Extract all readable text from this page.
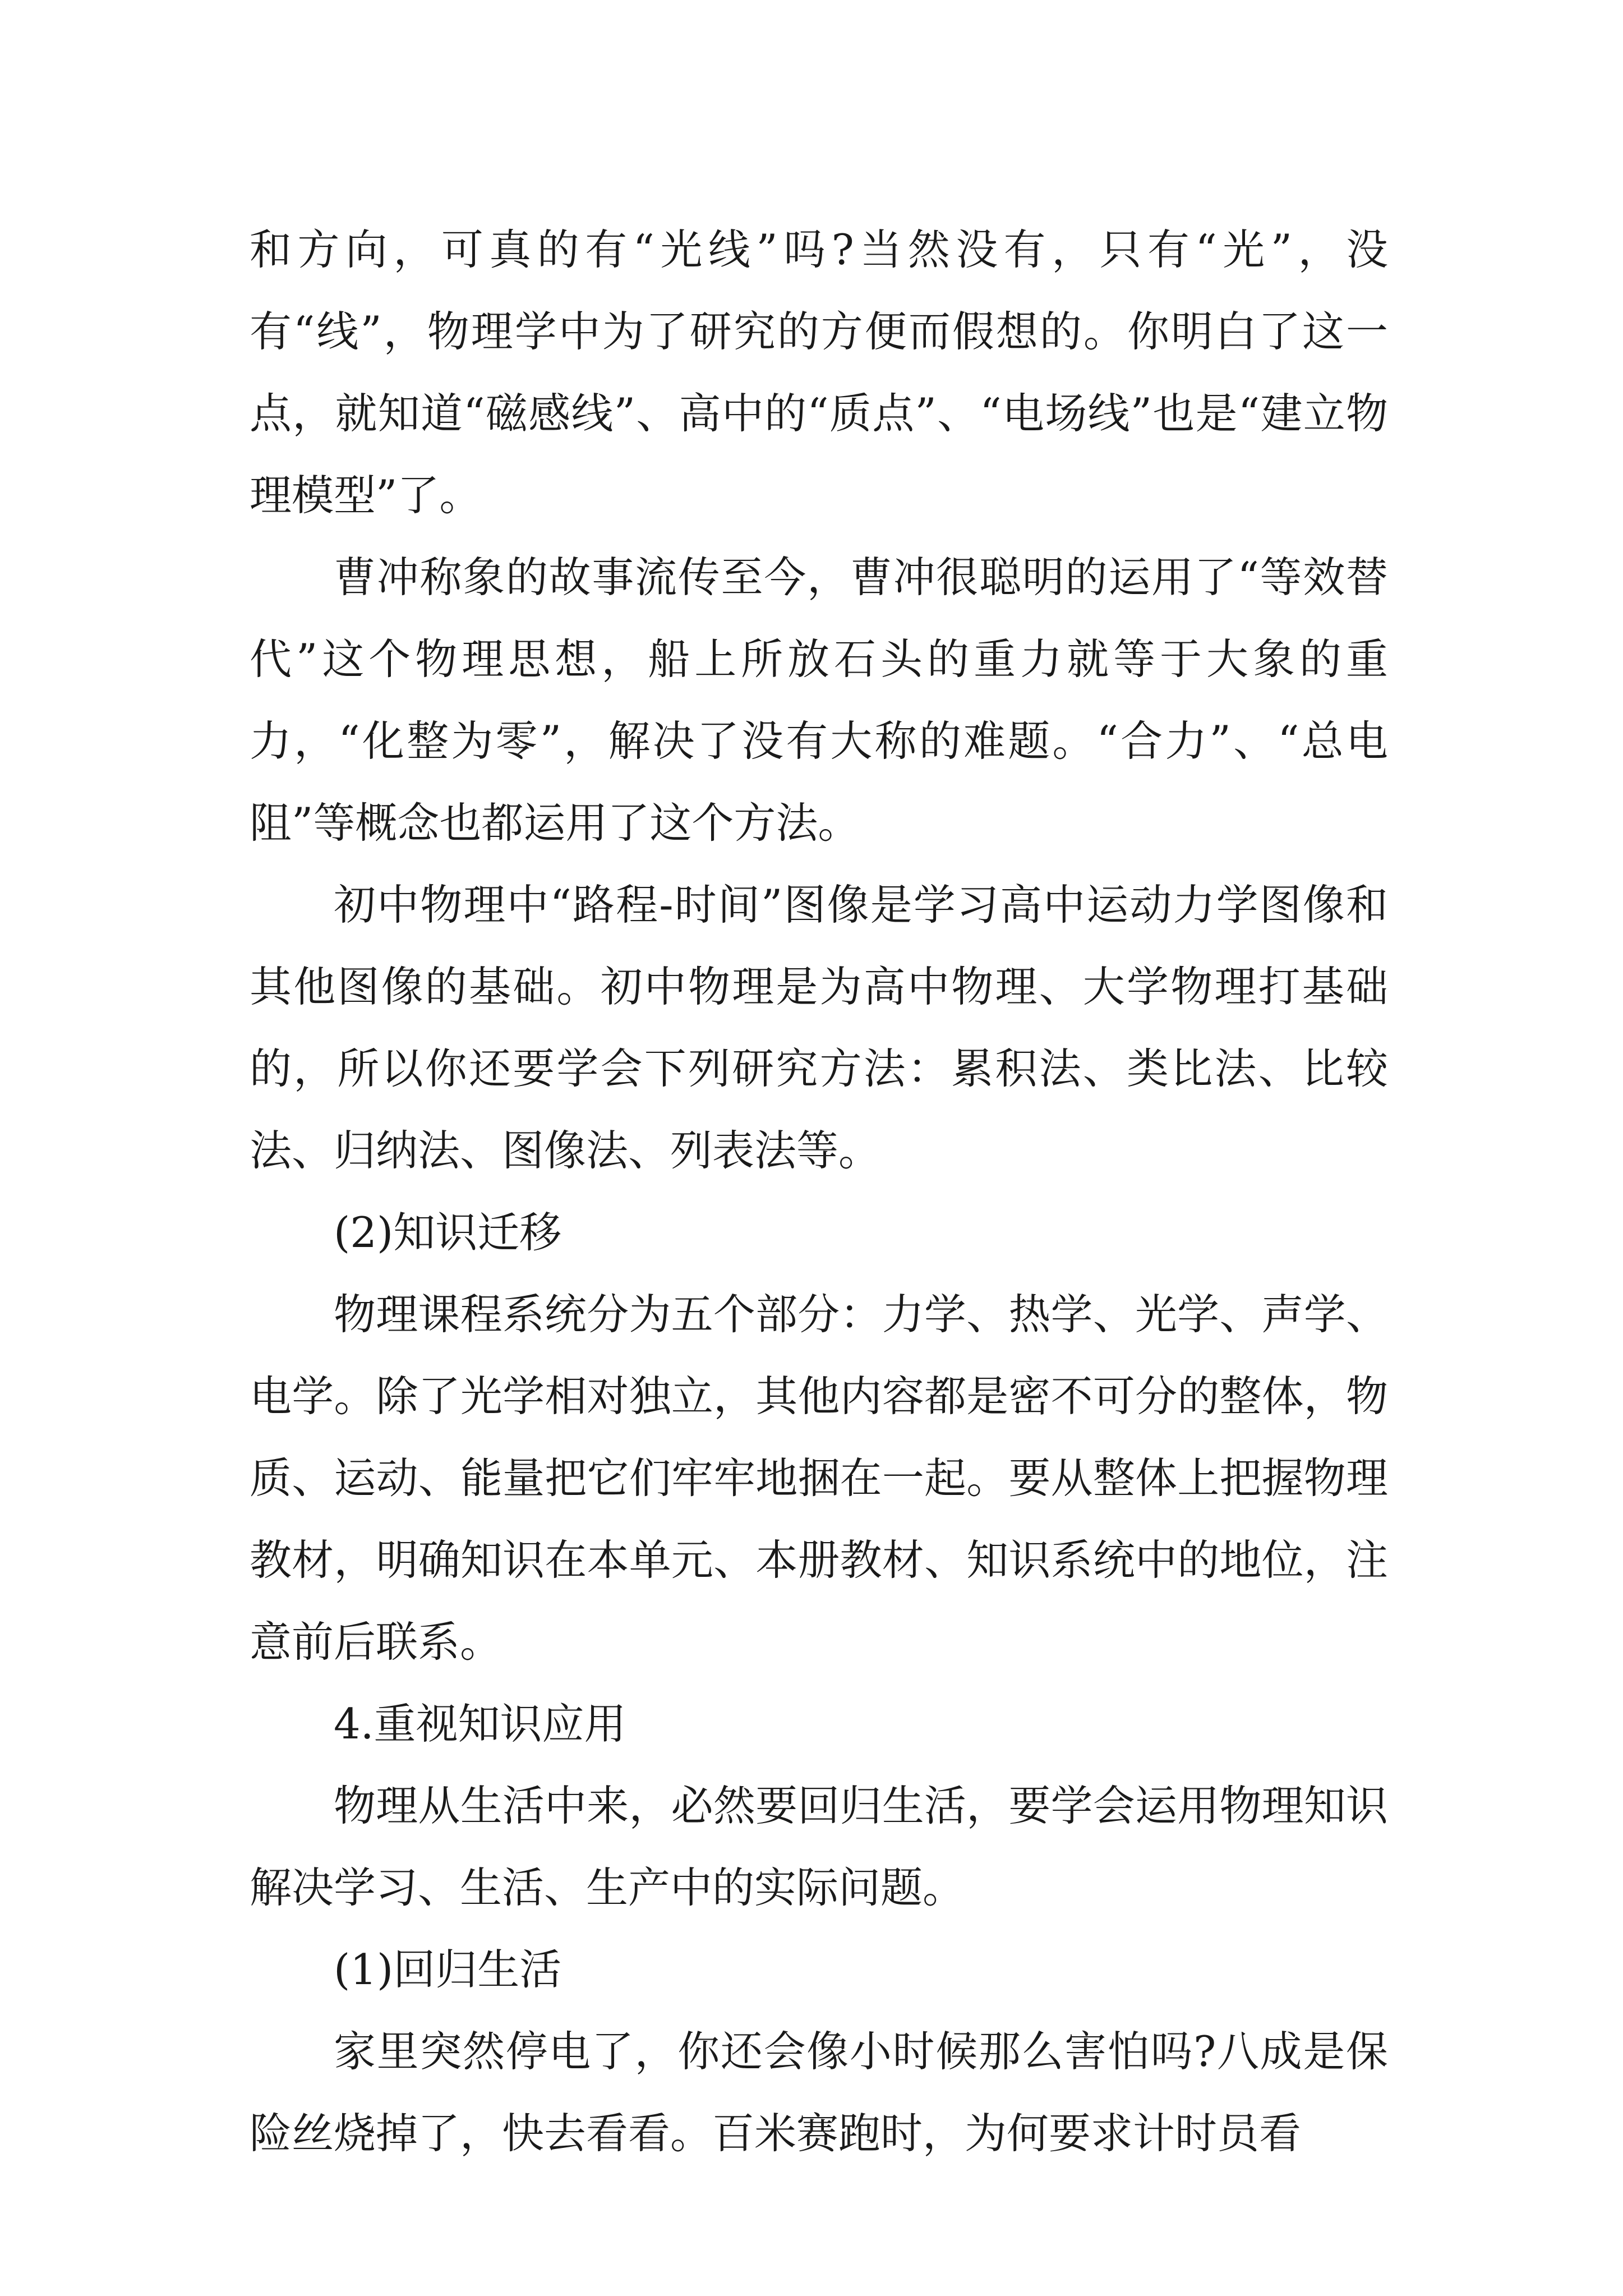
和方向，可真的有“光线”吗?当然没有，只有“光”，没有“线”，物理学中为了研究的方便而假想的。你明白了这一点，就知道“磁感线”、高中的“质点”、“电场线”也是“建立物理模型”了。

曹冲称象的故事流传至今，曹冲很聪明的运用了“等效替代”这个物理思想，船上所放石头的重力就等于大象的重力，“化整为零”，解决了没有大称的难题。“合力”、“总电阻”等概念也都运用了这个方法。

初中物理中“路程-时间”图像是学习高中运动力学图像和其他图像的基础。初中物理是为高中物理、大学物理打基础的，所以你还要学会下列研究方法：累积法、类比法、比较法、归纳法、图像法、列表法等。

(2)知识迁移

物理课程系统分为五个部分：力学、热学、光学、声学、电学。除了光学相对独立，其他内容都是密不可分的整体，物质、运动、能量把它们牢牢地捆在一起。要从整体上把握物理教材，明确知识在本单元、本册教材、知识系统中的地位，注意前后联系。

4.重视知识应用

物理从生活中来，必然要回归生活，要学会运用物理知识解决学习、生活、生产中的实际问题。

(1)回归生活

家里突然停电了，你还会像小时候那么害怕吗?八成是保险丝烧掉了，快去看看。百米赛跑时，为何要求计时员看
